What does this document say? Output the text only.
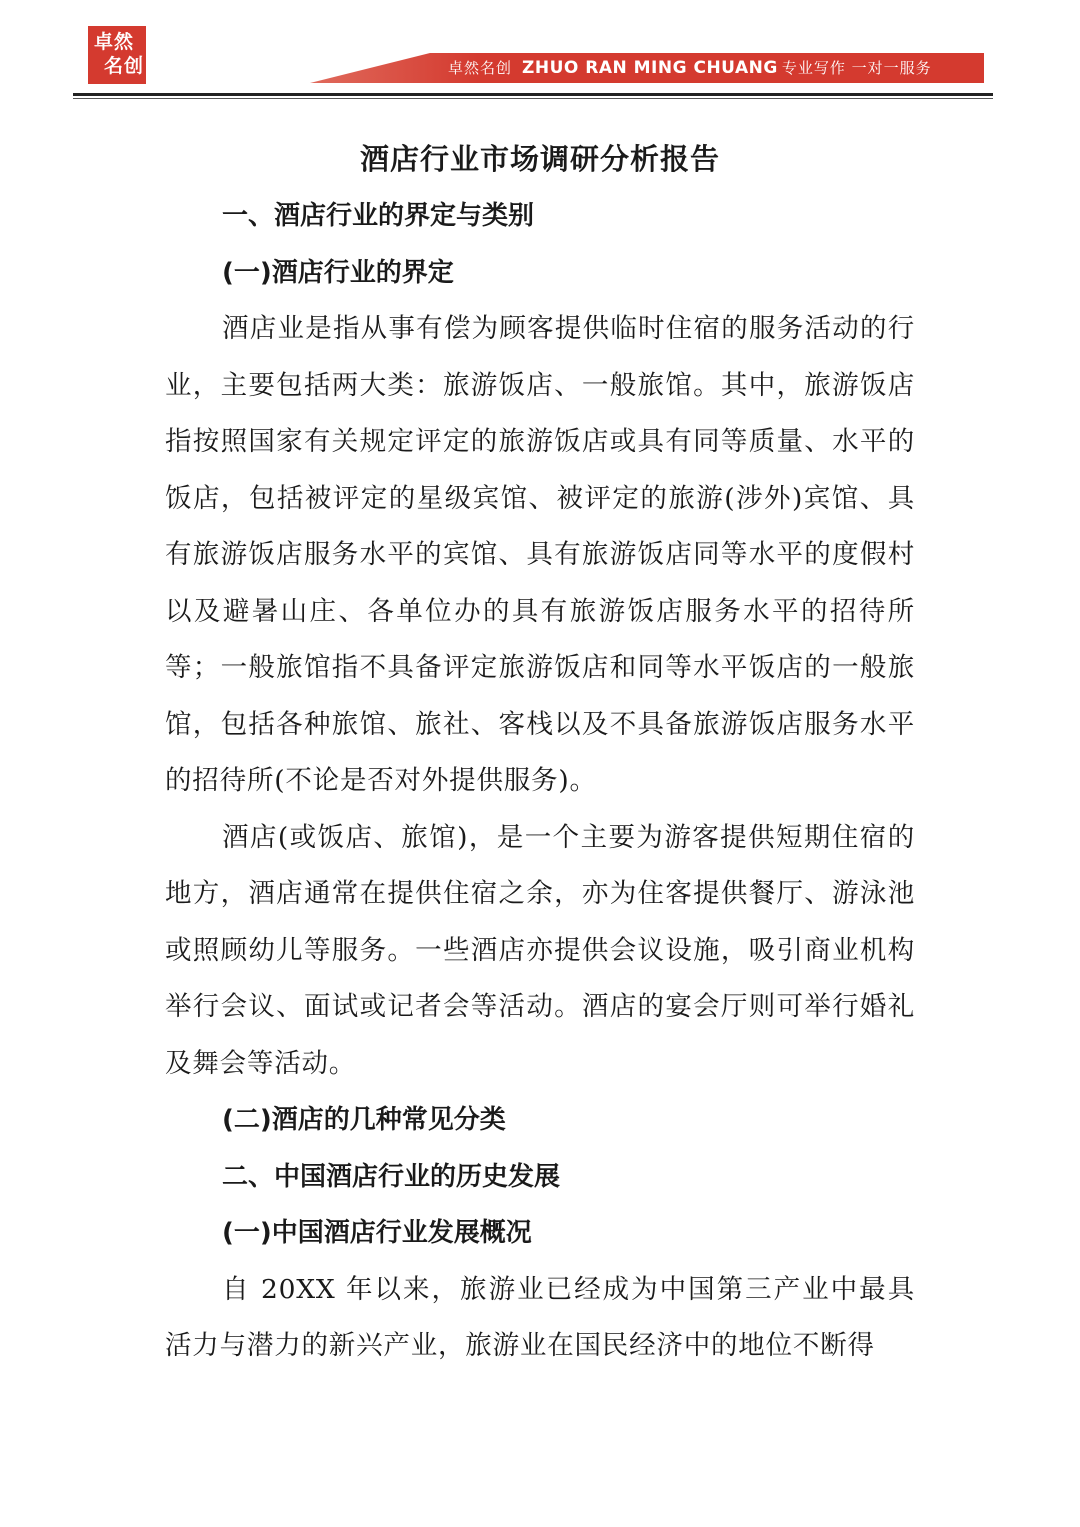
卓然
名创	卓然名创 ZHUO RAN MING CHUANG 专业写作 一对一服务
酒店行业市场调研分析报告
一、酒店行业的界定与类别
(一)酒店行业的界定

酒店业是指从事有偿为顾客提供临时住宿的服务活动的行业，主要包括两大类：旅游饭店、一般旅馆。其中，旅游饭店指按照国家有关规定评定的旅游饭店或具有同等质量、水平的饭店，包括被评定的星级宾馆、被评定的旅游(涉外)宾馆、具有旅游饭店服务水平的宾馆、具有旅游饭店同等水平的度假村以及避暑山庄、各单位办的具有旅游饭店服务水平的招待所等；一般旅馆指不具备评定旅游饭店和同等水平饭店的一般旅馆，包括各种旅馆、旅社、客栈以及不具备旅游饭店服务水平的招待所(不论是否对外提供服务)。

酒店(或饭店、旅馆)，是一个主要为游客提供短期住宿的地方，酒店通常在提供住宿之余，亦为住客提供餐厅、游泳池或照顾幼儿等服务。一些酒店亦提供会议设施，吸引商业机构举行会议、面试或记者会等活动。酒店的宴会厅则可举行婚礼及舞会等活动。

(二)酒店的几种常见分类
二、中国酒店行业的历史发展
(一)中国酒店行业发展概况

自 20XX 年以来，旅游业已经成为中国第三产业中最具活力与潜力的新兴产业，旅游业在国民经济中的地位不断得
